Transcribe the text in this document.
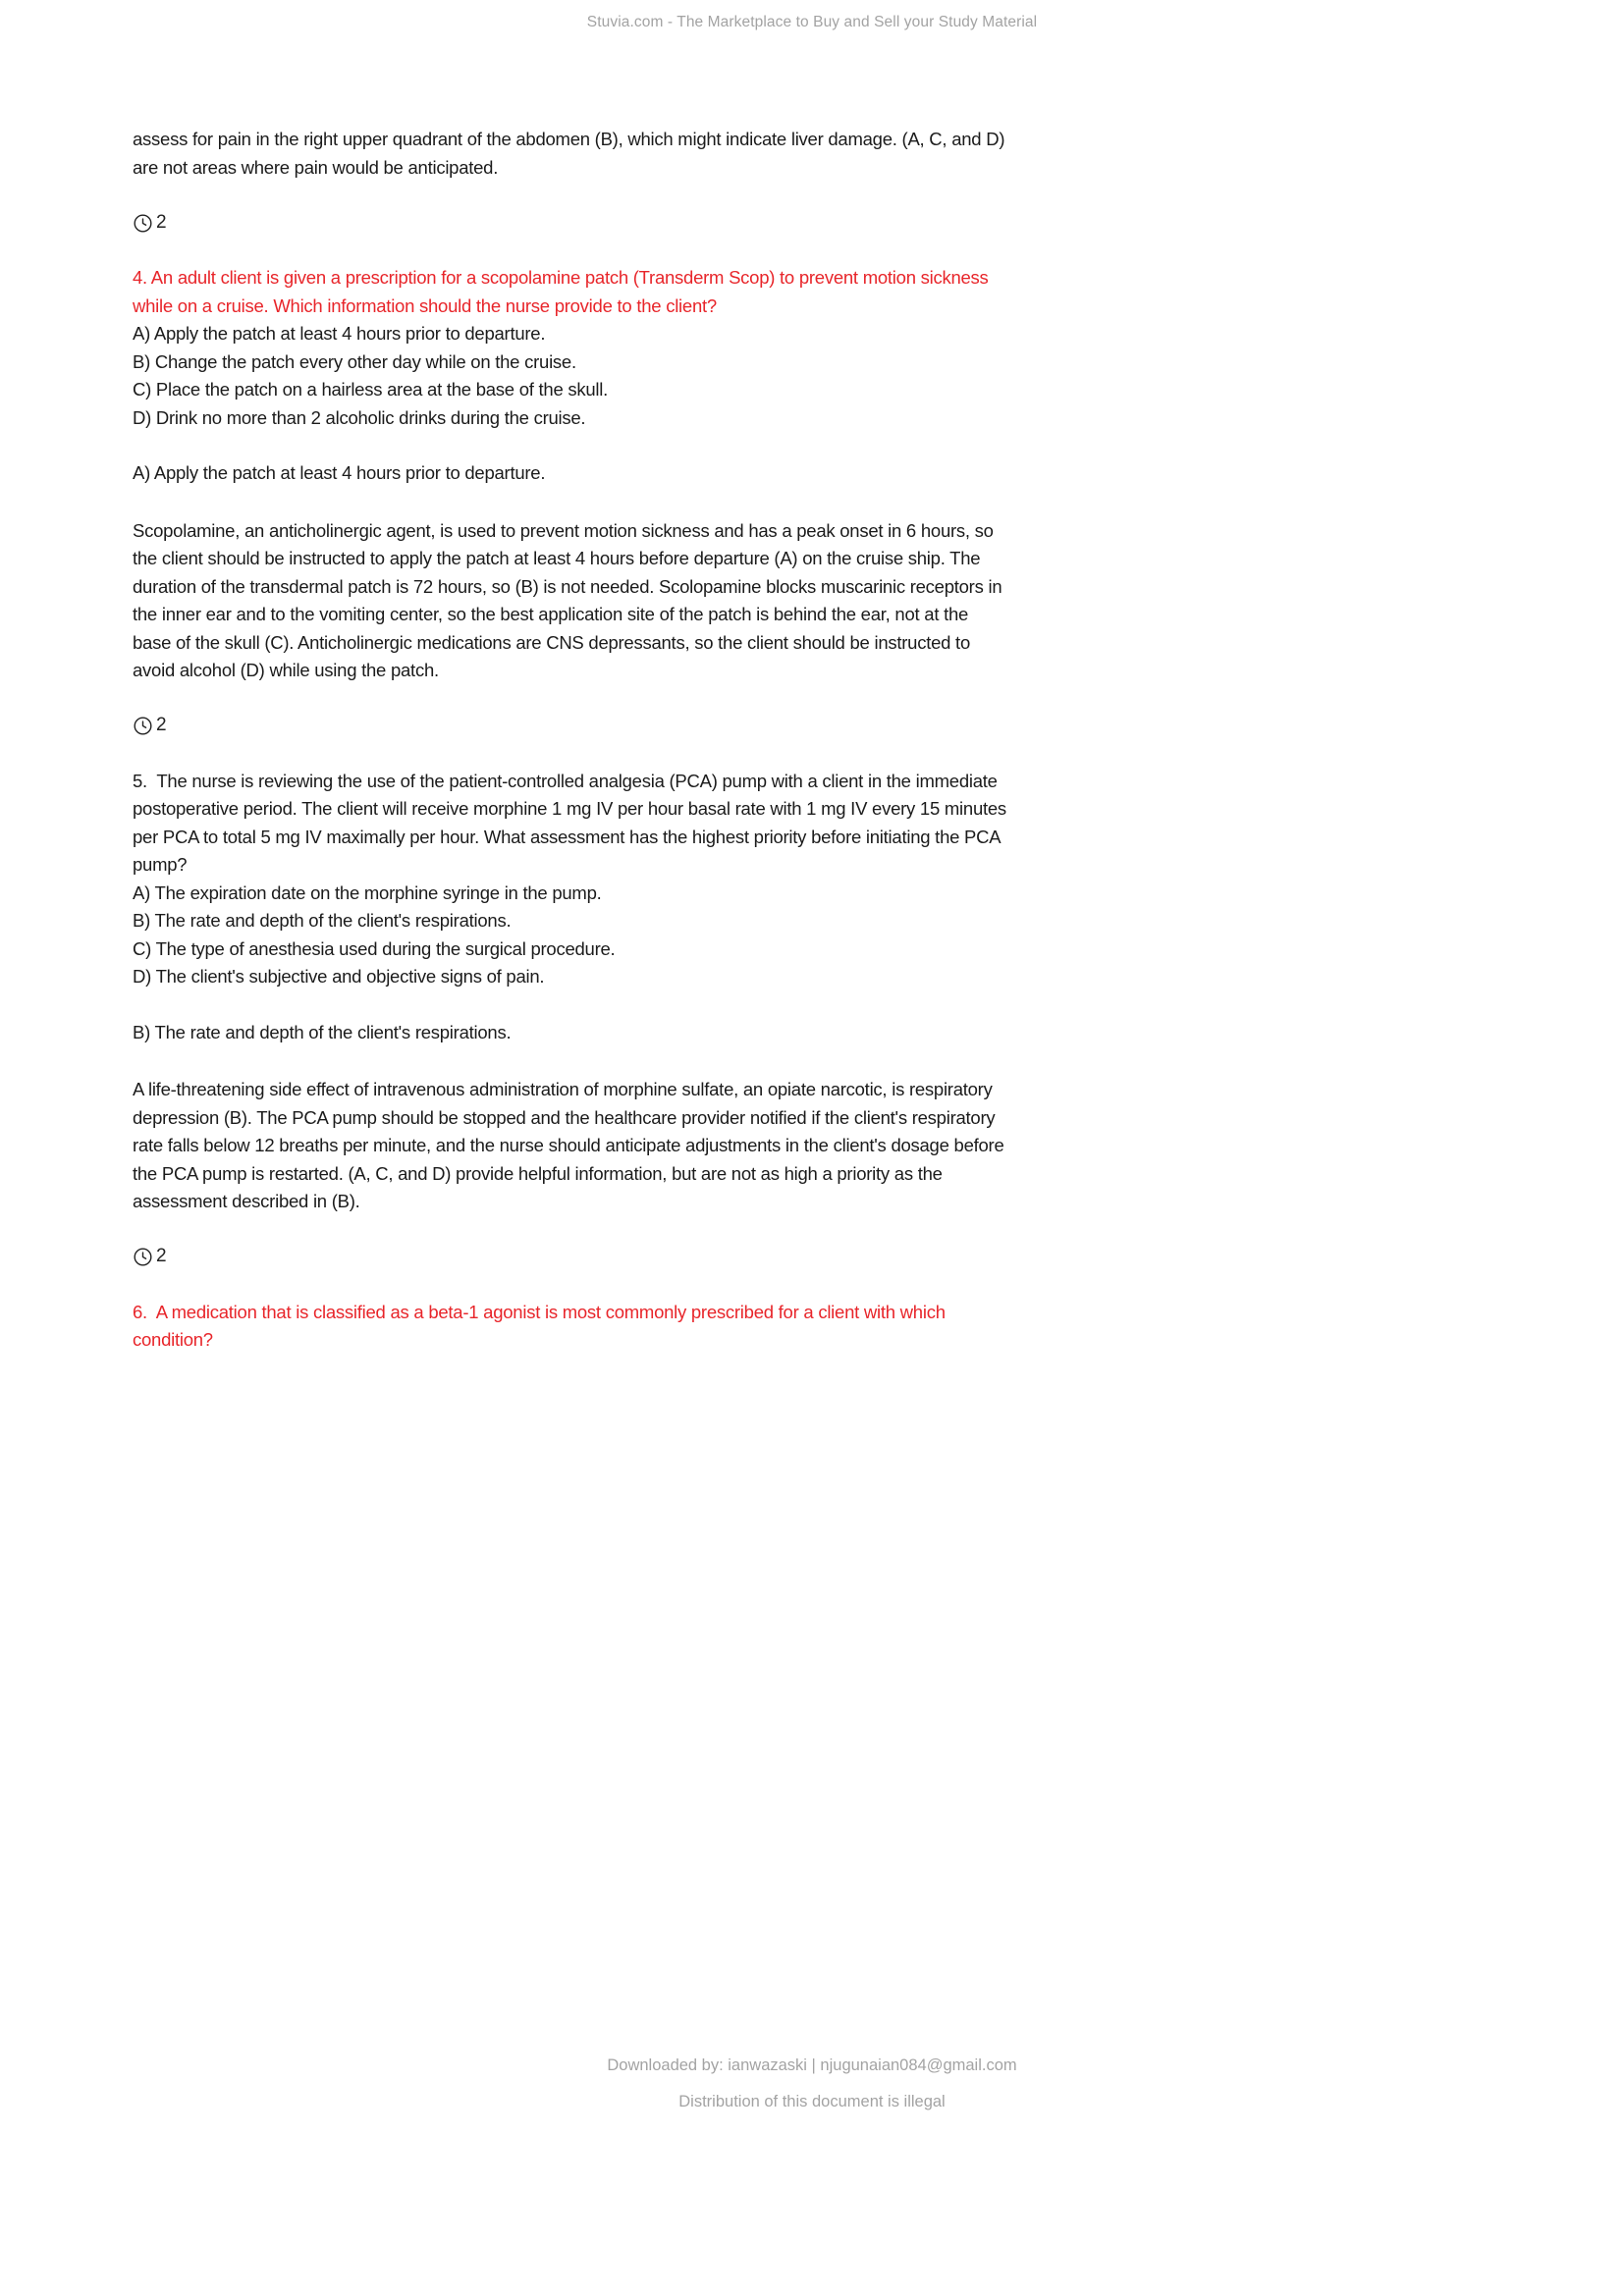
Stuvia.com - The Marketplace to Buy and Sell your Study Material
assess for pain in the right upper quadrant of the abdomen (B), which might indicate liver damage. (A, C, and D) are not areas where pain would be anticipated.
2
4. An adult client is given a prescription for a scopolamine patch (Transderm Scop) to prevent motion sickness while on a cruise. Which information should the nurse provide to the client?
A) Apply the patch at least 4 hours prior to departure.
B) Change the patch every other day while on the cruise.
C) Place the patch on a hairless area at the base of the skull.
D) Drink no more than 2 alcoholic drinks during the cruise.
A) Apply the patch at least 4 hours prior to departure.
Scopolamine, an anticholinergic agent, is used to prevent motion sickness and has a peak onset in 6 hours, so the client should be instructed to apply the patch at least 4 hours before departure (A) on the cruise ship. The duration of the transdermal patch is 72 hours, so (B) is not needed. Scolopamine blocks muscarinic receptors in the inner ear and to the vomiting center, so the best application site of the patch is behind the ear, not at the base of the skull (C). Anticholinergic medications are CNS depressants, so the client should be instructed to avoid alcohol (D) while using the patch.
2
5.  The nurse is reviewing the use of the patient-controlled analgesia (PCA) pump with a client in the immediate postoperative period. The client will receive morphine 1 mg IV per hour basal rate with 1 mg IV every 15 minutes per PCA to total 5 mg IV maximally per hour. What assessment has the highest priority before initiating the PCA pump?
A) The expiration date on the morphine syringe in the pump.
B) The rate and depth of the client's respirations.
C) The type of anesthesia used during the surgical procedure.
D) The client's subjective and objective signs of pain.
B) The rate and depth of the client's respirations.
A life-threatening side effect of intravenous administration of morphine sulfate, an opiate narcotic, is respiratory depression (B). The PCA pump should be stopped and the healthcare provider notified if the client's respiratory rate falls below 12 breaths per minute, and the nurse should anticipate adjustments in the client's dosage before the PCA pump is restarted. (A, C, and D) provide helpful information, but are not as high a priority as the assessment described in (B).
2
6.  A medication that is classified as a beta-1 agonist is most commonly prescribed for a client with which condition?
Downloaded by: ianwazaski | njugunaian084@gmail.com
Distribution of this document is illegal
